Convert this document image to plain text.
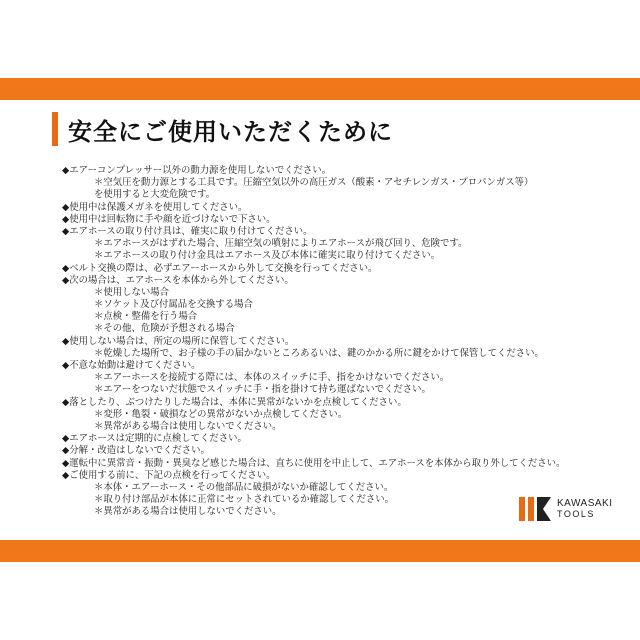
安全にご使用いただくために
◆エアーコンプレッサー以外の動力源を使用しないでください。
＊空気圧を動力源とする工具です。圧縮空気以外の高圧ガス（酸素・アセチレンガス・プロパンガス等）
を使用すると大変危険です。
◆使用中は保護メガネを使用してください。
◆使用中は回転物に手や顔を近づけないで下さい。
◆エアホースの取り付け具は、確実に取り付けてください。
＊エアホースがはずれた場合、圧縮空気の噴射によりエアホースが飛び回り、危険です。
＊エアホースの取り付け金具はエアホース及び本体に確実に取り付けてください。
◆ベルト交換の際は、必ずエアーホースから外して交換を行ってください。
◆次の場合は、エアホースを本体から外してください。
＊使用しない場合
＊ソケット及び付属品を交換する場合
＊点検・整備を行う場合
＊その他、危険が予想される場合
◆使用しない場合は、所定の場所に保管してください。
＊乾燥した場所で、お子様の手の届かないところあるいは、鍵のかかる所に鍵をかけて保管してください。
◆不意な始動は避けてください。
＊エアーホースを接続する際には、本体のスイッチに手、指をかけないでください。
＊エアーをつないだ状態でスイッチに手・指を掛けて持ち運ばないでください。
◆落としたり、ぶつけたりした場合は、本体に異常がないかを点検してください。
＊変形・亀裂・破損などの異常がないか点検してください。
＊異常がある場合は使用しないでください。
◆エアホースは定期的に点検してください。
◆分解・改造はしないでください。
◆運転中に異常音・振動・異臭など感じた場合は、直ちに使用を中止して、エアホースを本体から取り外してください。
◆ご使用する前に、下記の点検を行ってください。
＊本体・エアーホース・その他部品に破損がないか確認してください。
＊取り付け部品が本体に正常にセットされているか確認してください。
＊異常がある場合は使用しないでください。
KAWASAKI
TOOLS
